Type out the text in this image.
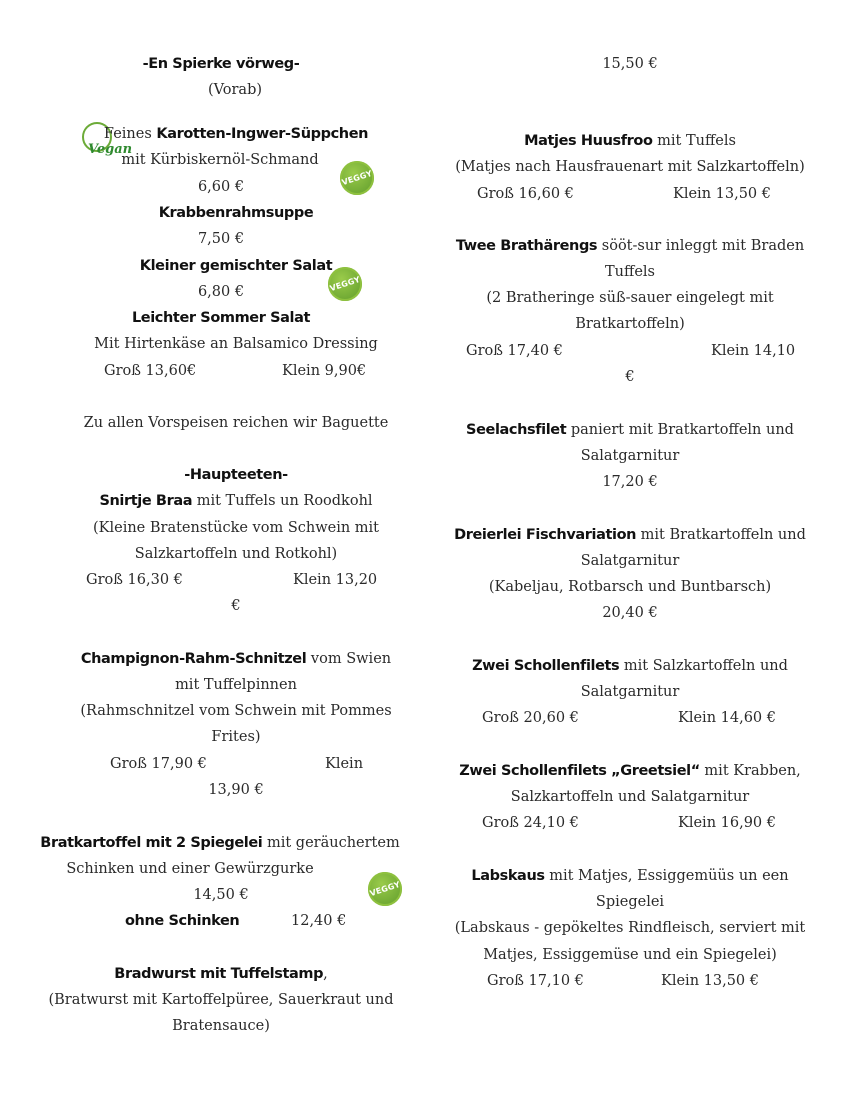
-En Spierke vörweg-
(Vorab)
Vegan
Feines Karotten-Ingwer-Süppchen
mit Kürbiskernöl-Schmand
6,60 €	VEGGY
Krabbenrahmsuppe
7,50 €
Kleiner gemischter Salat
6,80 €	VEGGY
Leichter Sommer Salat
Mit Hirtenkäse an Balsamico Dressing
Groß 13,60€	Klein 9,90€
Zu allen Vorspeisen reichen wir Baguette
-Haupteeten-
Snirtje Braa mit Tuffels un Roodkohl
(Kleine Bratenstücke vom Schwein mit
Salzkartoffeln und Rotkohl)
Groß 16,30 €	Klein 13,20
€
Champignon-Rahm-Schnitzel vom Swien
mit Tuffelpinnen
(Rahmschnitzel vom Schwein mit Pommes
Frites)
Groß 17,90 €	Klein
13,90 €
Bratkartoffel mit 2 Spiegelei mit geräuchertem
Schinken und einer Gewürzgurke
14,50 €	VEGGY
ohne Schinken	12,40 €
Bradwurst mit Tuffelstamp,
(Bratwurst mit Kartoffelpüree, Sauerkraut und
Bratensauce)
15,50 €
Matjes Huusfroo mit Tuffels
(Matjes nach Hausfrauenart mit Salzkartoffeln)
Groß 16,60 €	Klein 13,50 €
Twee Brathärengs sööt-sur inleggt mit Braden
Tuffels
(2 Bratheringe süß-sauer eingelegt mit
Bratkartoffeln)
Groß 17,40 €	Klein 14,10
€
Seelachsfilet paniert mit Bratkartoffeln und
Salatgarnitur
17,20 €
Dreierlei Fischvariation mit Bratkartoffeln und
Salatgarnitur
(Kabeljau, Rotbarsch und Buntbarsch)
20,40 €
Zwei Schollenfilets mit Salzkartoffeln und
Salatgarnitur
Groß 20,60 €	Klein 14,60 €
Zwei Schollenfilets „Greetsiel“ mit Krabben,
Salzkartoffeln und Salatgarnitur
Groß 24,10 €	Klein 16,90 €
Labskaus mit Matjes, Essiggemüüs un een
Spiegelei
(Labskaus - gepökeltes Rindfleisch, serviert mit
Matjes, Essiggemüse und ein Spiegelei)
Groß 17,10 €	Klein 13,50 €
